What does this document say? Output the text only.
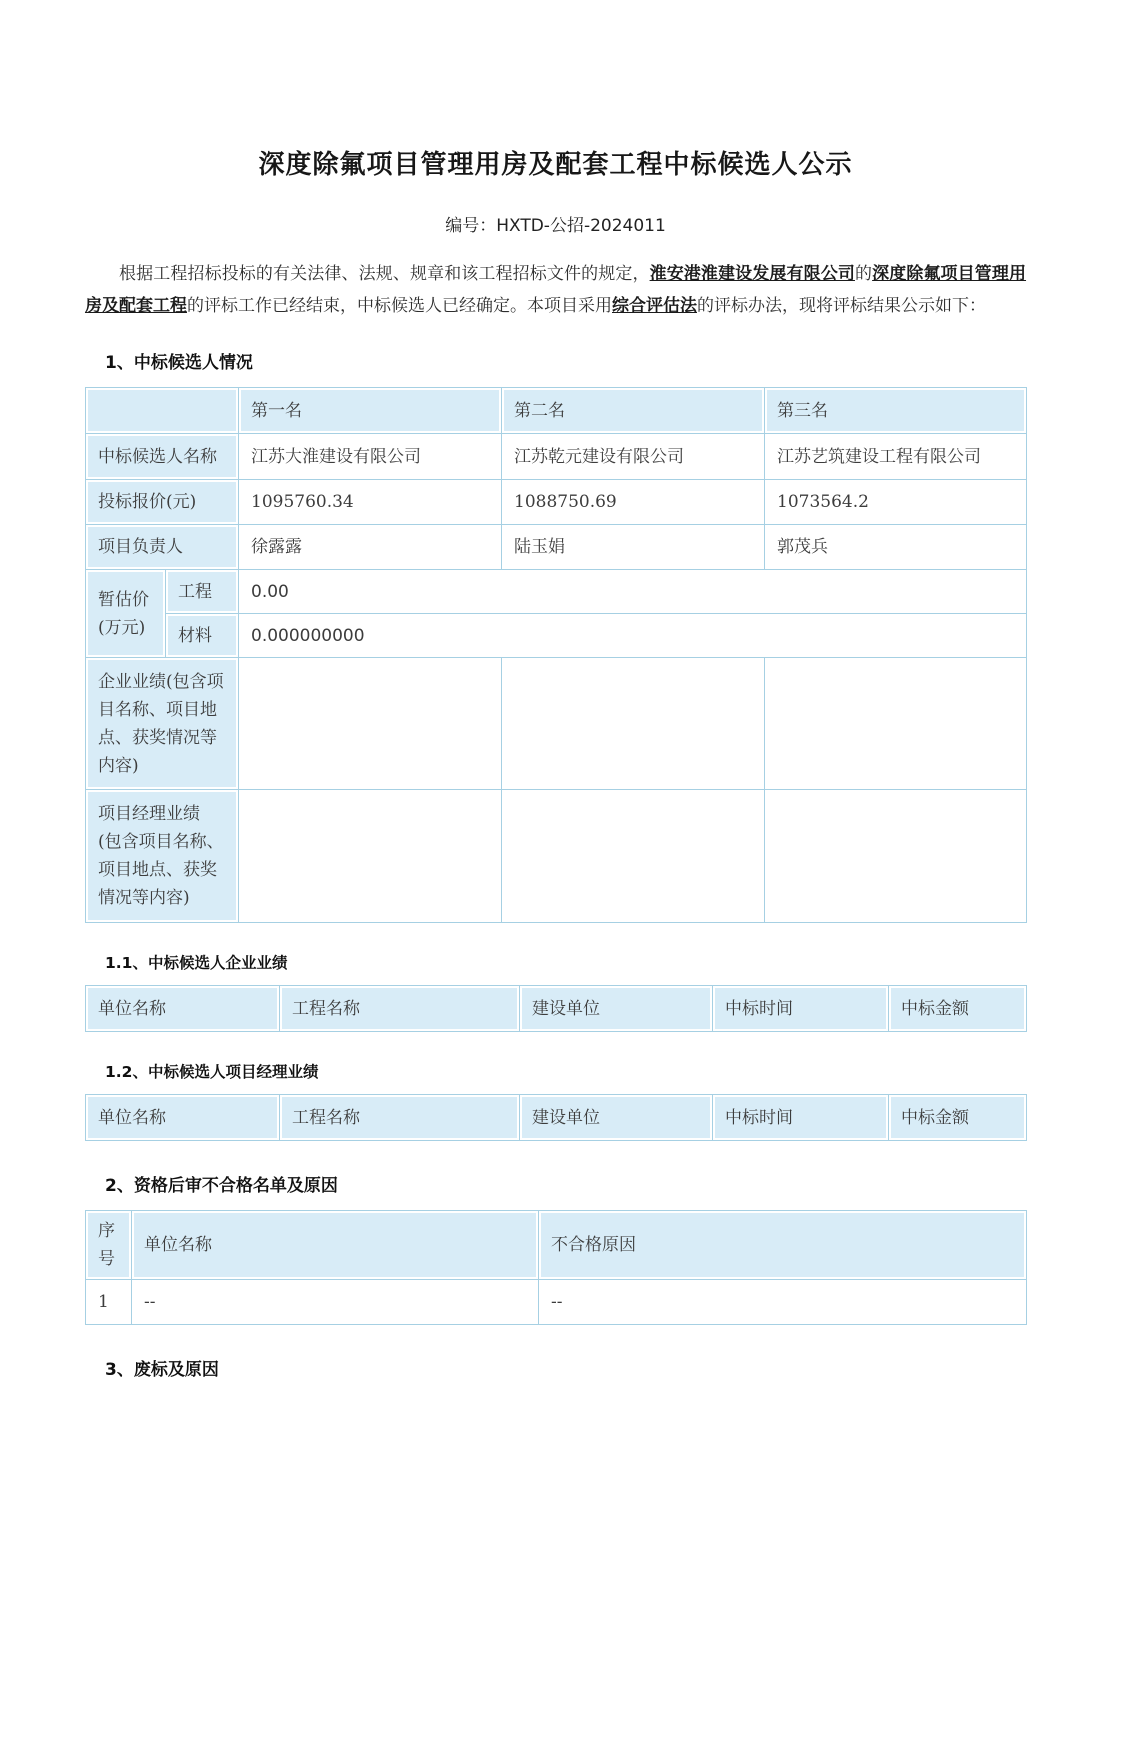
深度除氟项目管理用房及配套工程中标候选人公示
编号：HXTD-公招-2024011
根据工程招标投标的有关法律、法规、规章和该工程招标文件的规定，淮安港淮建设发展有限公司的深度除氟项目管理用房及配套工程的评标工作已经结束，中标候选人已经确定。本项目采用综合评估法的评标办法，现将评标结果公示如下：
1、中标候选人情况
		第一名	第二名	第三名
中标候选人名称		江苏大淮建设有限公司	江苏乾元建设有限公司	江苏艺筑建设工程有限公司
投标报价(元)		1095760.34	1088750.69	1073564.2
项目负责人		徐露露	陆玉娟	郭茂兵

暂估价
(万元)	工程	0.00		
	材料	0.000000000		
企业业绩(包含项目名称、项目地点、获奖情况等内容)				
项目经理业绩 (包含项目名称、项目地点、获奖情况等内容)				
1.1、中标候选人企业业绩
单位名称	工程名称	建设单位	中标时间	中标金额
1.2、中标候选人项目经理业绩
单位名称	工程名称	建设单位	中标时间	中标金额
2、资格后审不合格名单及原因
序号	单位名称	不合格原因
1	--	--
3、废标及原因
